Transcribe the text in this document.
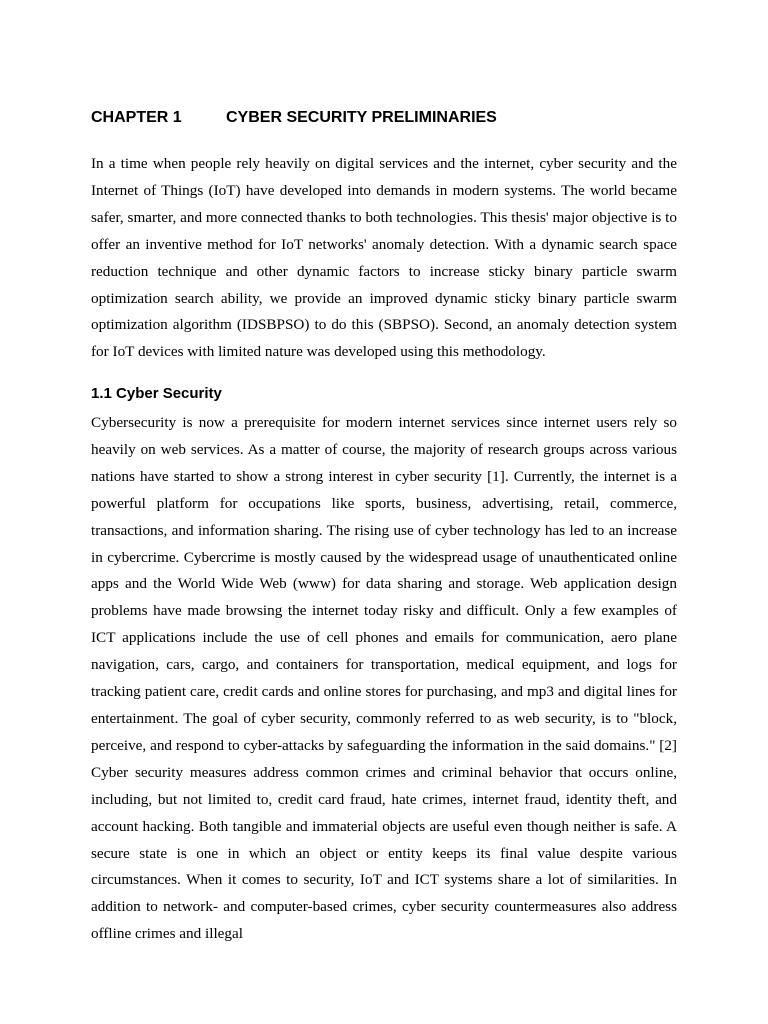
CHAPTER 1	CYBER SECURITY PRELIMINARIES

In a time when people rely heavily on digital services and the internet, cyber security and the Internet of Things (IoT) have developed into demands in modern systems. The world became safer, smarter, and more connected thanks to both technologies. This thesis' major objective is to offer an inventive method for IoT networks' anomaly detection. With a dynamic search space reduction technique and other dynamic factors to increase sticky binary particle swarm optimization search ability, we provide an improved dynamic sticky binary particle swarm optimization algorithm (IDSBPSO) to do this (SBPSO). Second, an anomaly detection system for IoT devices with limited nature was developed using this methodology.

1.1 Cyber Security

Cybersecurity is now a prerequisite for modern internet services since internet users rely so heavily on web services. As a matter of course, the majority of research groups across various nations have started to show a strong interest in cyber security [1]. Currently, the internet is a powerful platform for occupations like sports, business, advertising, retail, commerce, transactions, and information sharing. The rising use of cyber technology has led to an increase in cybercrime. Cybercrime is mostly caused by the widespread usage of unauthenticated online apps and the World Wide Web (www) for data sharing and storage. Web application design problems have made browsing the internet today risky and difficult. Only a few examples of ICT applications include the use of cell phones and emails for communication, aero plane navigation, cars, cargo, and containers for transportation, medical equipment, and logs for tracking patient care, credit cards and online stores for purchasing, and mp3 and digital lines for entertainment. The goal of cyber security, commonly referred to as web security, is to "block, perceive, and respond to cyber-attacks by safeguarding the information in the said domains." [2] Cyber security measures address common crimes and criminal behavior that occurs online, including, but not limited to, credit card fraud, hate crimes, internet fraud, identity theft, and account hacking. Both tangible and immaterial objects are useful even though neither is safe. A secure state is one in which an object or entity keeps its final value despite various circumstances. When it comes to security, IoT and ICT systems share a lot of similarities. In addition to network- and computer-based crimes, cyber security countermeasures also address offline crimes and illegal
